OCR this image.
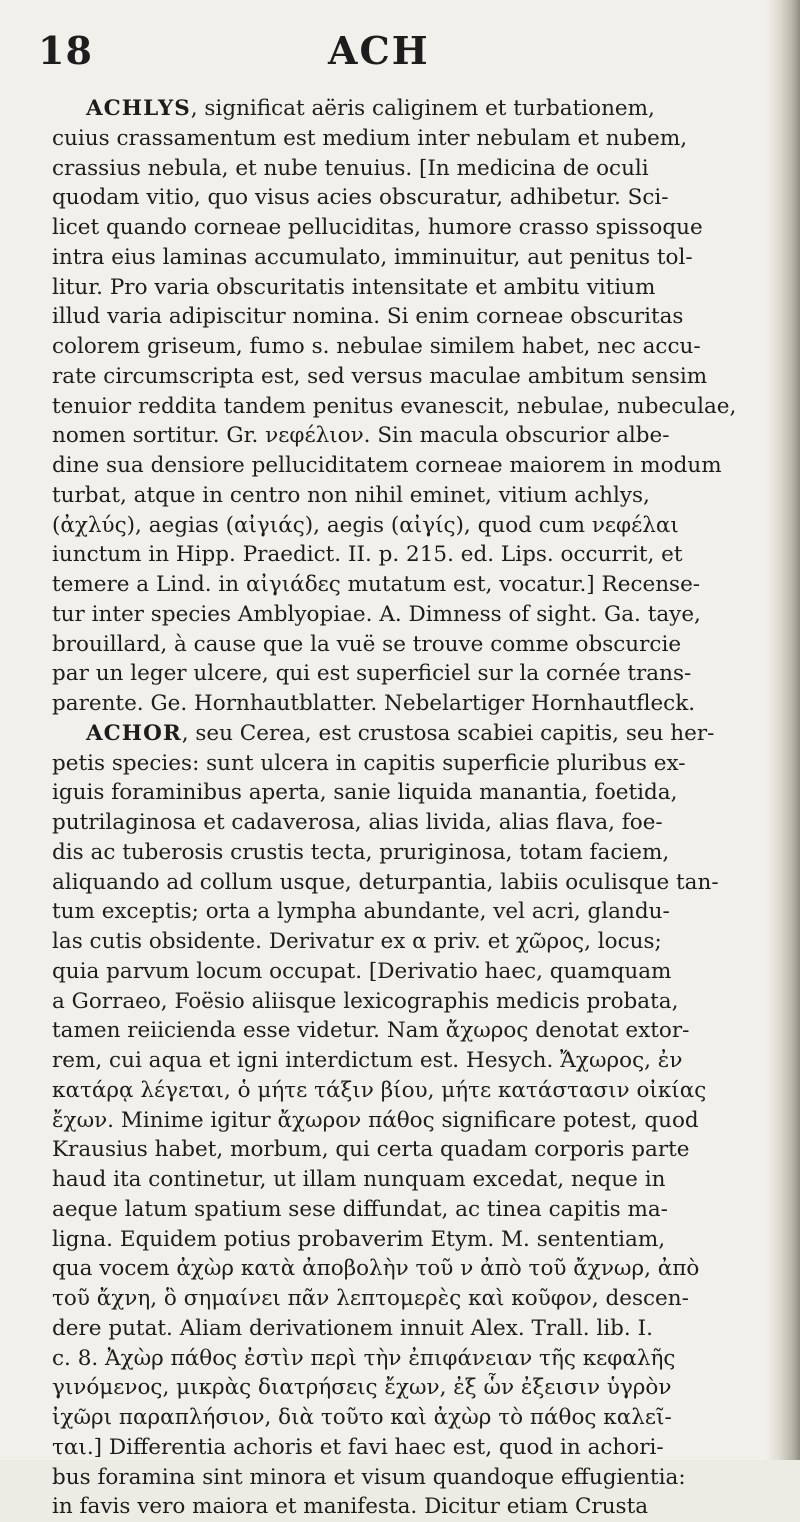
18	ACH
ACHLYS, significat aëris caliginem et turbationem,
cuius crassamentum est medium inter nebulam et nubem,
crassius nebula, et nube tenuius. [In medicina de oculi
quodam vitio, quo visus acies obscuratur, adhibetur. Sci-
licet quando corneae pelluciditas, humore crasso spissoque
intra eius laminas accumulato, imminuitur, aut penitus tol-
litur. Pro varia obscuritatis intensitate et ambitu vitium
illud varia adipiscitur nomina. Si enim corneae obscuritas
colorem griseum, fumo s. nebulae similem habet, nec accu-
rate circumscripta est, sed versus maculae ambitum sensim
tenuior reddita tandem penitus evanescit, nebulae, nubeculae,
nomen sortitur. Gr. νεφέλιον. Sin macula obscurior albe-
dine sua densiore pelluciditatem corneae maiorem in modum
turbat, atque in centro non nihil eminet, vitium achlys,
(ἀχλύς), aegias (αἰγιάς), aegis (αἰγίς), quod cum νεφέλαι
iunctum in Hipp. Praedict. II. p. 215. ed. Lips. occurrit, et
temere a Lind. in αἰγιάδες mutatum est, vocatur.] Recense-
tur inter species Amblyopiae. A. Dimness of sight. Ga. taye,
brouillard, à cause que la vuë se trouve comme obscurcie
par un leger ulcere, qui est superficiel sur la cornée trans-
parente. Ge. Hornhautblatter. Nebelartiger Hornhautfleck.
ACHOR, seu Cerea, est crustosa scabiei capitis, seu her-
petis species: sunt ulcera in capitis superficie pluribus ex-
iguis foraminibus aperta, sanie liquida manantia, foetida,
putrilaginosa et cadaverosa, alias livida, alias flava, foe-
dis ac tuberosis crustis tecta, pruriginosa, totam faciem,
aliquando ad collum usque, deturpantia, labiis oculisque tan-
tum exceptis; orta a lympha abundante, vel acri, glandu-
las cutis obsidente. Derivatur ex α priv. et χῶρος, locus;
quia parvum locum occupat. [Derivatio haec, quamquam
a Gorraeo, Foësio aliisque lexicographis medicis probata,
tamen reiicienda esse videtur. Nam ἄχωρος denotat extor-
rem, cui aqua et igni interdictum est. Hesych. Ἄχωρος, ἐν
κατάρᾳ λέγεται, ὁ μήτε τάξιν βίου, μήτε κατάστασιν οἰκίας
ἔχων. Minime igitur ἄχωρον πάθος significare potest, quod
Krausius habet, morbum, qui certa quadam corporis parte
haud ita continetur, ut illam nunquam excedat, neque in
aeque latum spatium sese diffundat, ac tinea capitis ma-
ligna. Equidem potius probaverim Etym. M. sententiam,
qua vocem ἀχὼρ κατὰ ἀποβολὴν τοῦ ν ἀπὸ τοῦ ἄχνωρ, ἀπὸ
τοῦ ἄχνη, ὃ σημαίνει πᾶν λεπτομερὲς καὶ κοῦφον, descen-
dere putat. Aliam derivationem innuit Alex. Trall. lib. I.
c. 8. Ἀχὼρ πάθος ἐστὶν περὶ τὴν ἐπιφάνειαν τῆς κεφαλῆς
γινόμενος, μικρὰς διατρήσεις ἔχων, ἐξ ὧν ἐξεισιν ὑγρὸν
ἰχῶρι παραπλήσιον, διὰ τοῦτο καὶ ἀχὼρ τὸ πάθος καλεῖ-
ται.] Differentia achoris et favi haec est, quod in achori-
bus foramina sint minora et visum quandoque effugientia:
in favis vero maiora et manifesta. Dicitur etiam Crusta
